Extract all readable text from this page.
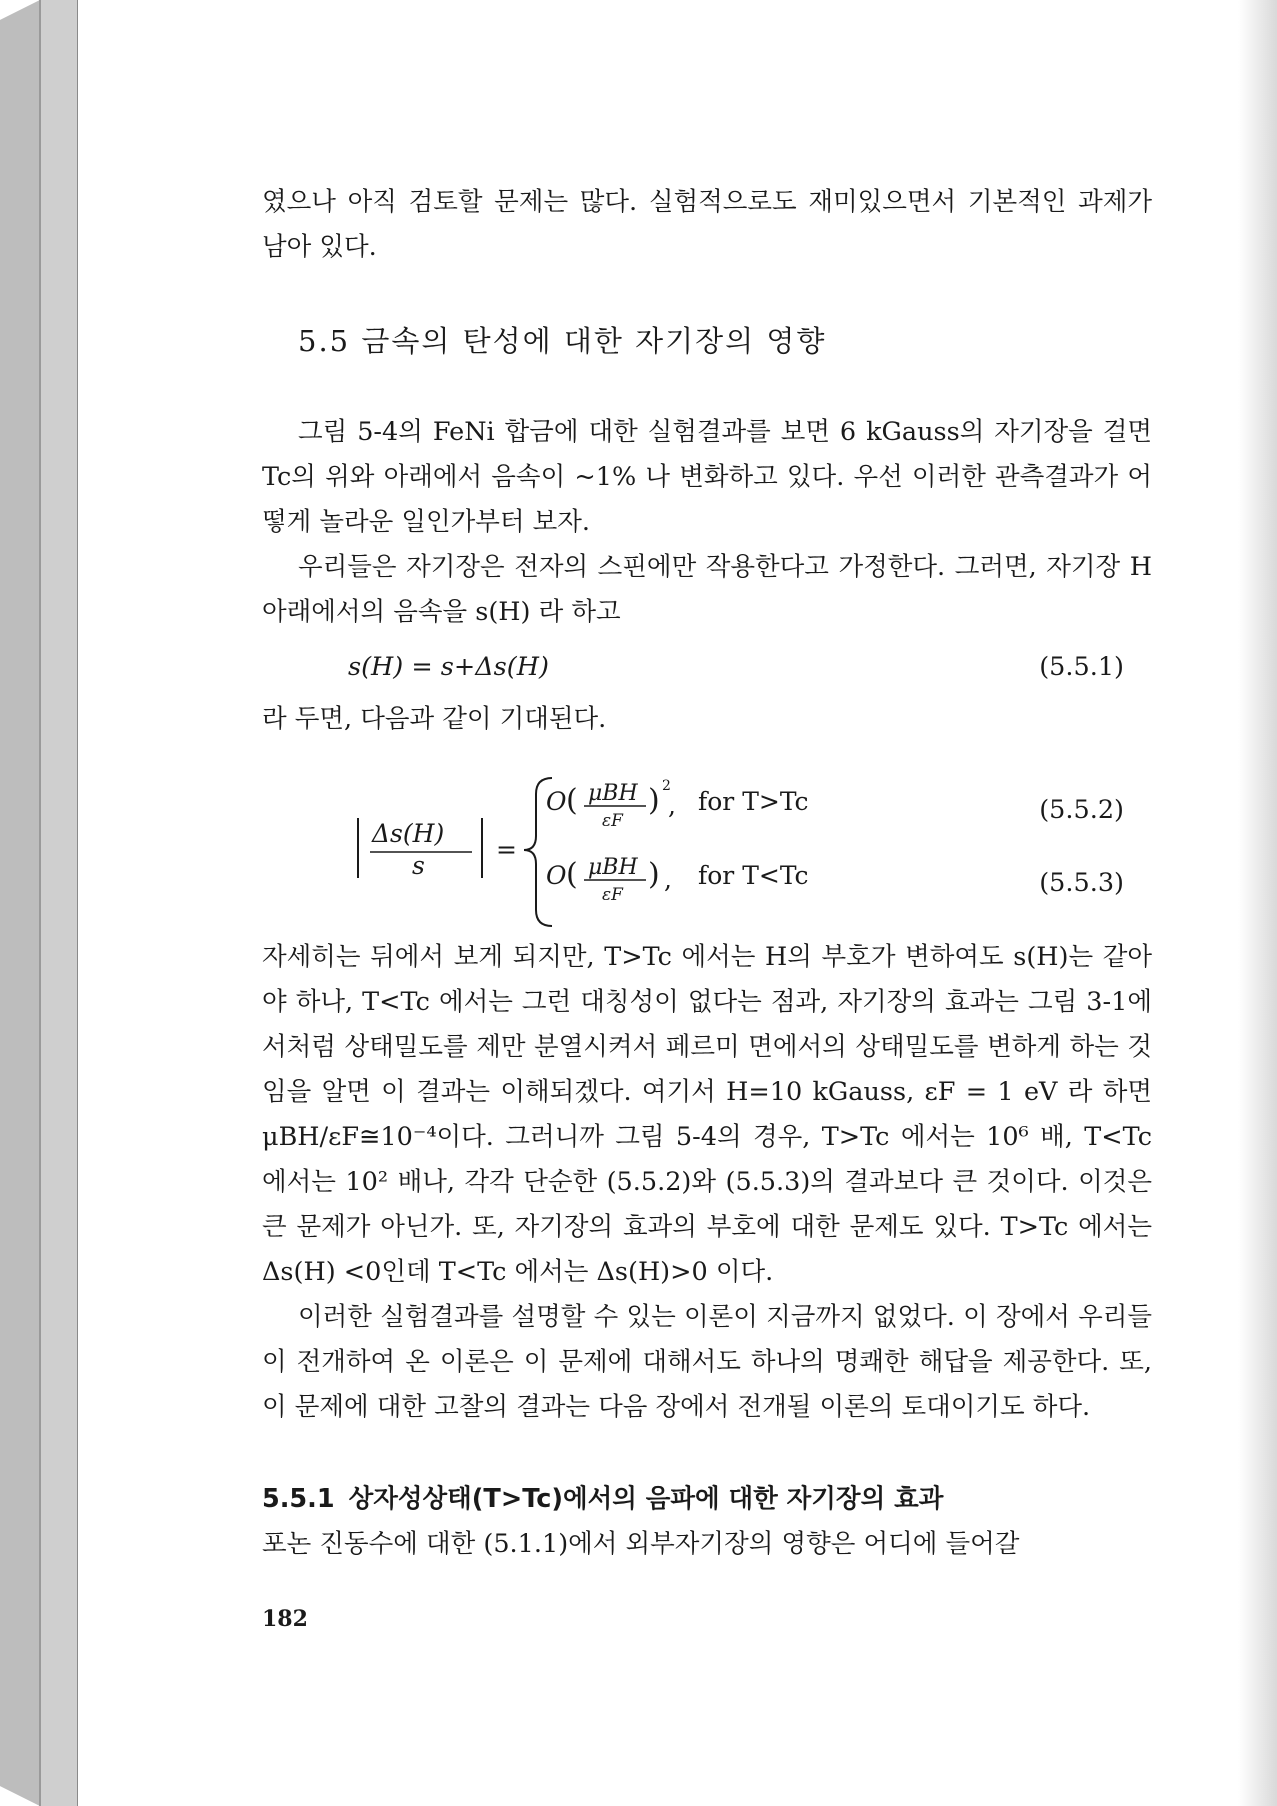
였으나 아직 검토할 문제는 많다. 실험적으로도 재미있으면서 기본적인 과제가 남아 있다.

5.5 금속의 탄성에 대한 자기장의 영향

그림 5-4의 FeNi 합금에 대한 실험결과를 보면 6 kGauss의 자기장을 걸면 Tc의 위와 아래에서 음속이 ~1% 나 변화하고 있다. 우선 이러한 관측결과가 어떻게 놀라운 일인가부터 보자.

우리들은 자기장은 전자의 스핀에만 작용한다고 가정한다. 그러면, 자기장 H 아래에서의 음속을 s(H) 라 하고

s(H) = s+Δs(H)	(5.5.1)

라 두면, 다음과 같이 기대된다.

Δs(H)
s
=
O ( μBH
εF
) 2
, for T>Tc
O ( μBH
εF
) , for T<Tc
(5.5.2)
(5.5.3)

자세히는 뒤에서 보게 되지만, T>Tc 에서는 H의 부호가 변하여도 s(H)는 같아야 하나, T<Tc 에서는 그런 대칭성이 없다는 점과, 자기장의 효과는 그림 3-1에서처럼 상태밀도를 제만 분열시켜서 페르미 면에서의 상태밀도를 변하게 하는 것임을 알면 이 결과는 이해되겠다. 여기서 H=10 kGauss, εF = 1 eV 라 하면 μBH/εF≅10⁻⁴이다. 그러니까 그림 5-4의 경우, T>Tc 에서는 10⁶ 배, T<Tc 에서는 10² 배나, 각각 단순한 (5.5.2)와 (5.5.3)의 결과보다 큰 것이다. 이것은 큰 문제가 아닌가. 또, 자기장의 효과의 부호에 대한 문제도 있다. T>Tc 에서는 Δs(H) <0인데 T<Tc 에서는 Δs(H)>0 이다.

이러한 실험결과를 설명할 수 있는 이론이 지금까지 없었다. 이 장에서 우리들이 전개하여 온 이론은 이 문제에 대해서도 하나의 명쾌한 해답을 제공한다. 또, 이 문제에 대한 고찰의 결과는 다음 장에서 전개될 이론의 토대이기도 하다.

5.5.1 상자성상태(T>Tc)에서의 음파에 대한 자기장의 효과

포논 진동수에 대한 (5.1.1)에서 외부자기장의 영향은 어디에 들어갈

182
